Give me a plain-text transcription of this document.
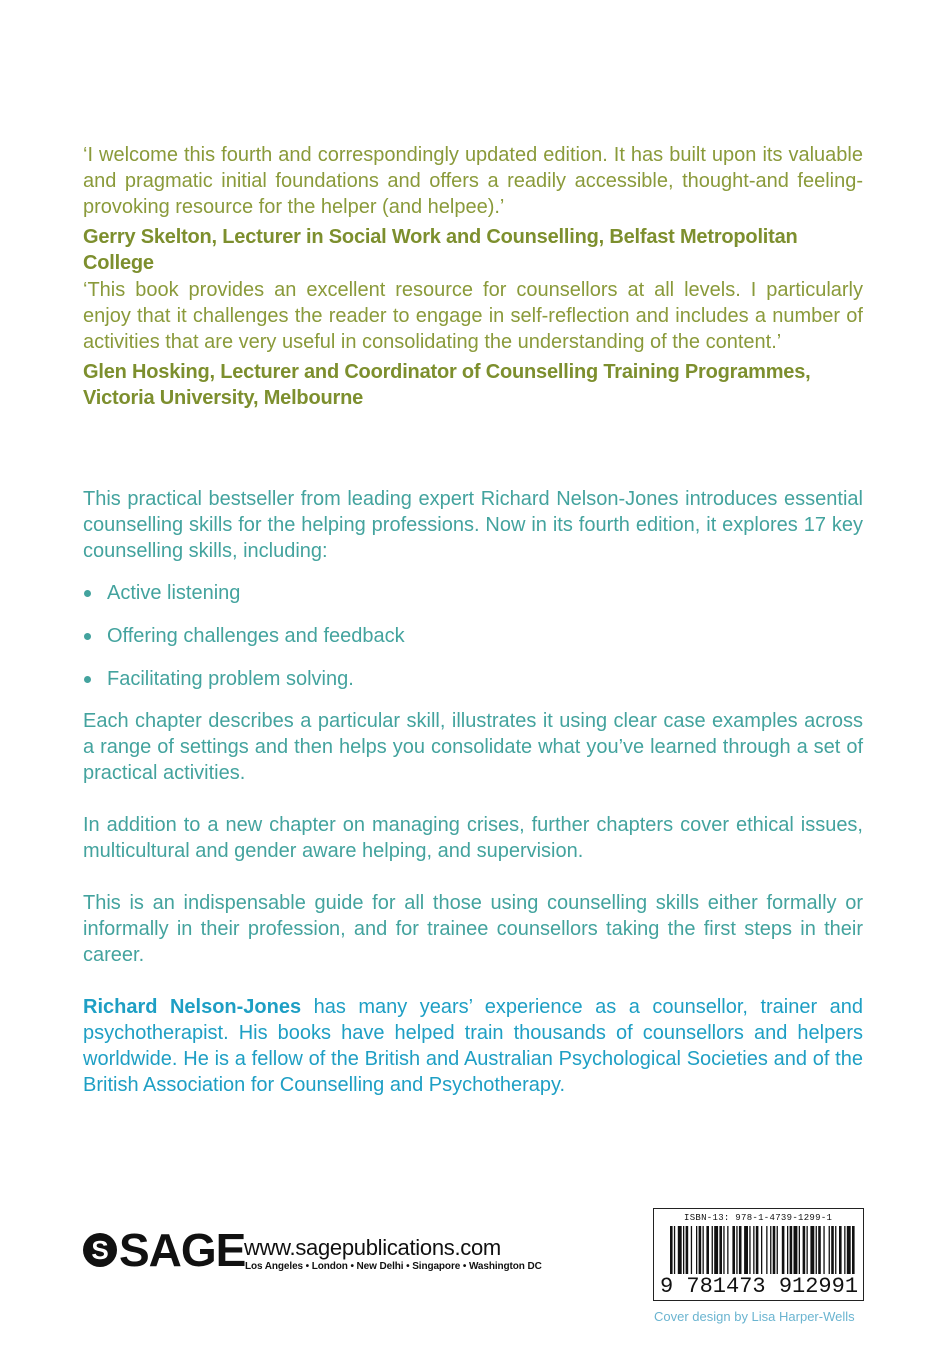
‘I welcome this fourth and correspondingly updated edition. It has built upon its valuable and pragmatic initial foundations and offers a readily accessible, thought-and feeling-provoking resource for the helper (and helpee).’

Gerry Skelton, Lecturer in Social Work and Counselling, Belfast Metropolitan College

‘This book provides an excellent resource for counsellors at all levels. I particularly enjoy that it challenges the reader to engage in self-reflection and includes a number of activities that are very useful in consolidating the understanding of the content.’

Glen Hosking, Lecturer and Coordinator of Counselling Training Programmes, Victoria University, Melbourne

This practical bestseller from leading expert Richard Nelson-Jones introduces essential counselling skills for the helping professions. Now in its fourth edition, it explores 17 key counselling skills, including:

Active listening
Offering challenges and feedback
Facilitating problem solving.

Each chapter describes a particular skill, illustrates it using clear case examples across a range of settings and then helps you consolidate what you’ve learned through a set of practical activities.

In addition to a new chapter on managing crises, further chapters cover ethical issues, multicultural and gender aware helping, and supervision.

This is an indispensable guide for all those using counselling skills either formally or informally in their profession, and for trainee counsellors taking the first steps in their career.

Richard Nelson-Jones has many years’ experience as a counsellor, trainer and psychotherapist. His books have helped train thousands of counsellors and helpers worldwide. He is a fellow of the British and Australian Psychological Societies and of the British Association for Counselling and Psychotherapy.

S SAGE
www.sagepublications.com
Los Angeles • London • New Delhi • Singapore • Washington DC
ISBN-13: 978-1-4739-1299-1
9 781473 912991
Cover design by Lisa Harper-Wells
